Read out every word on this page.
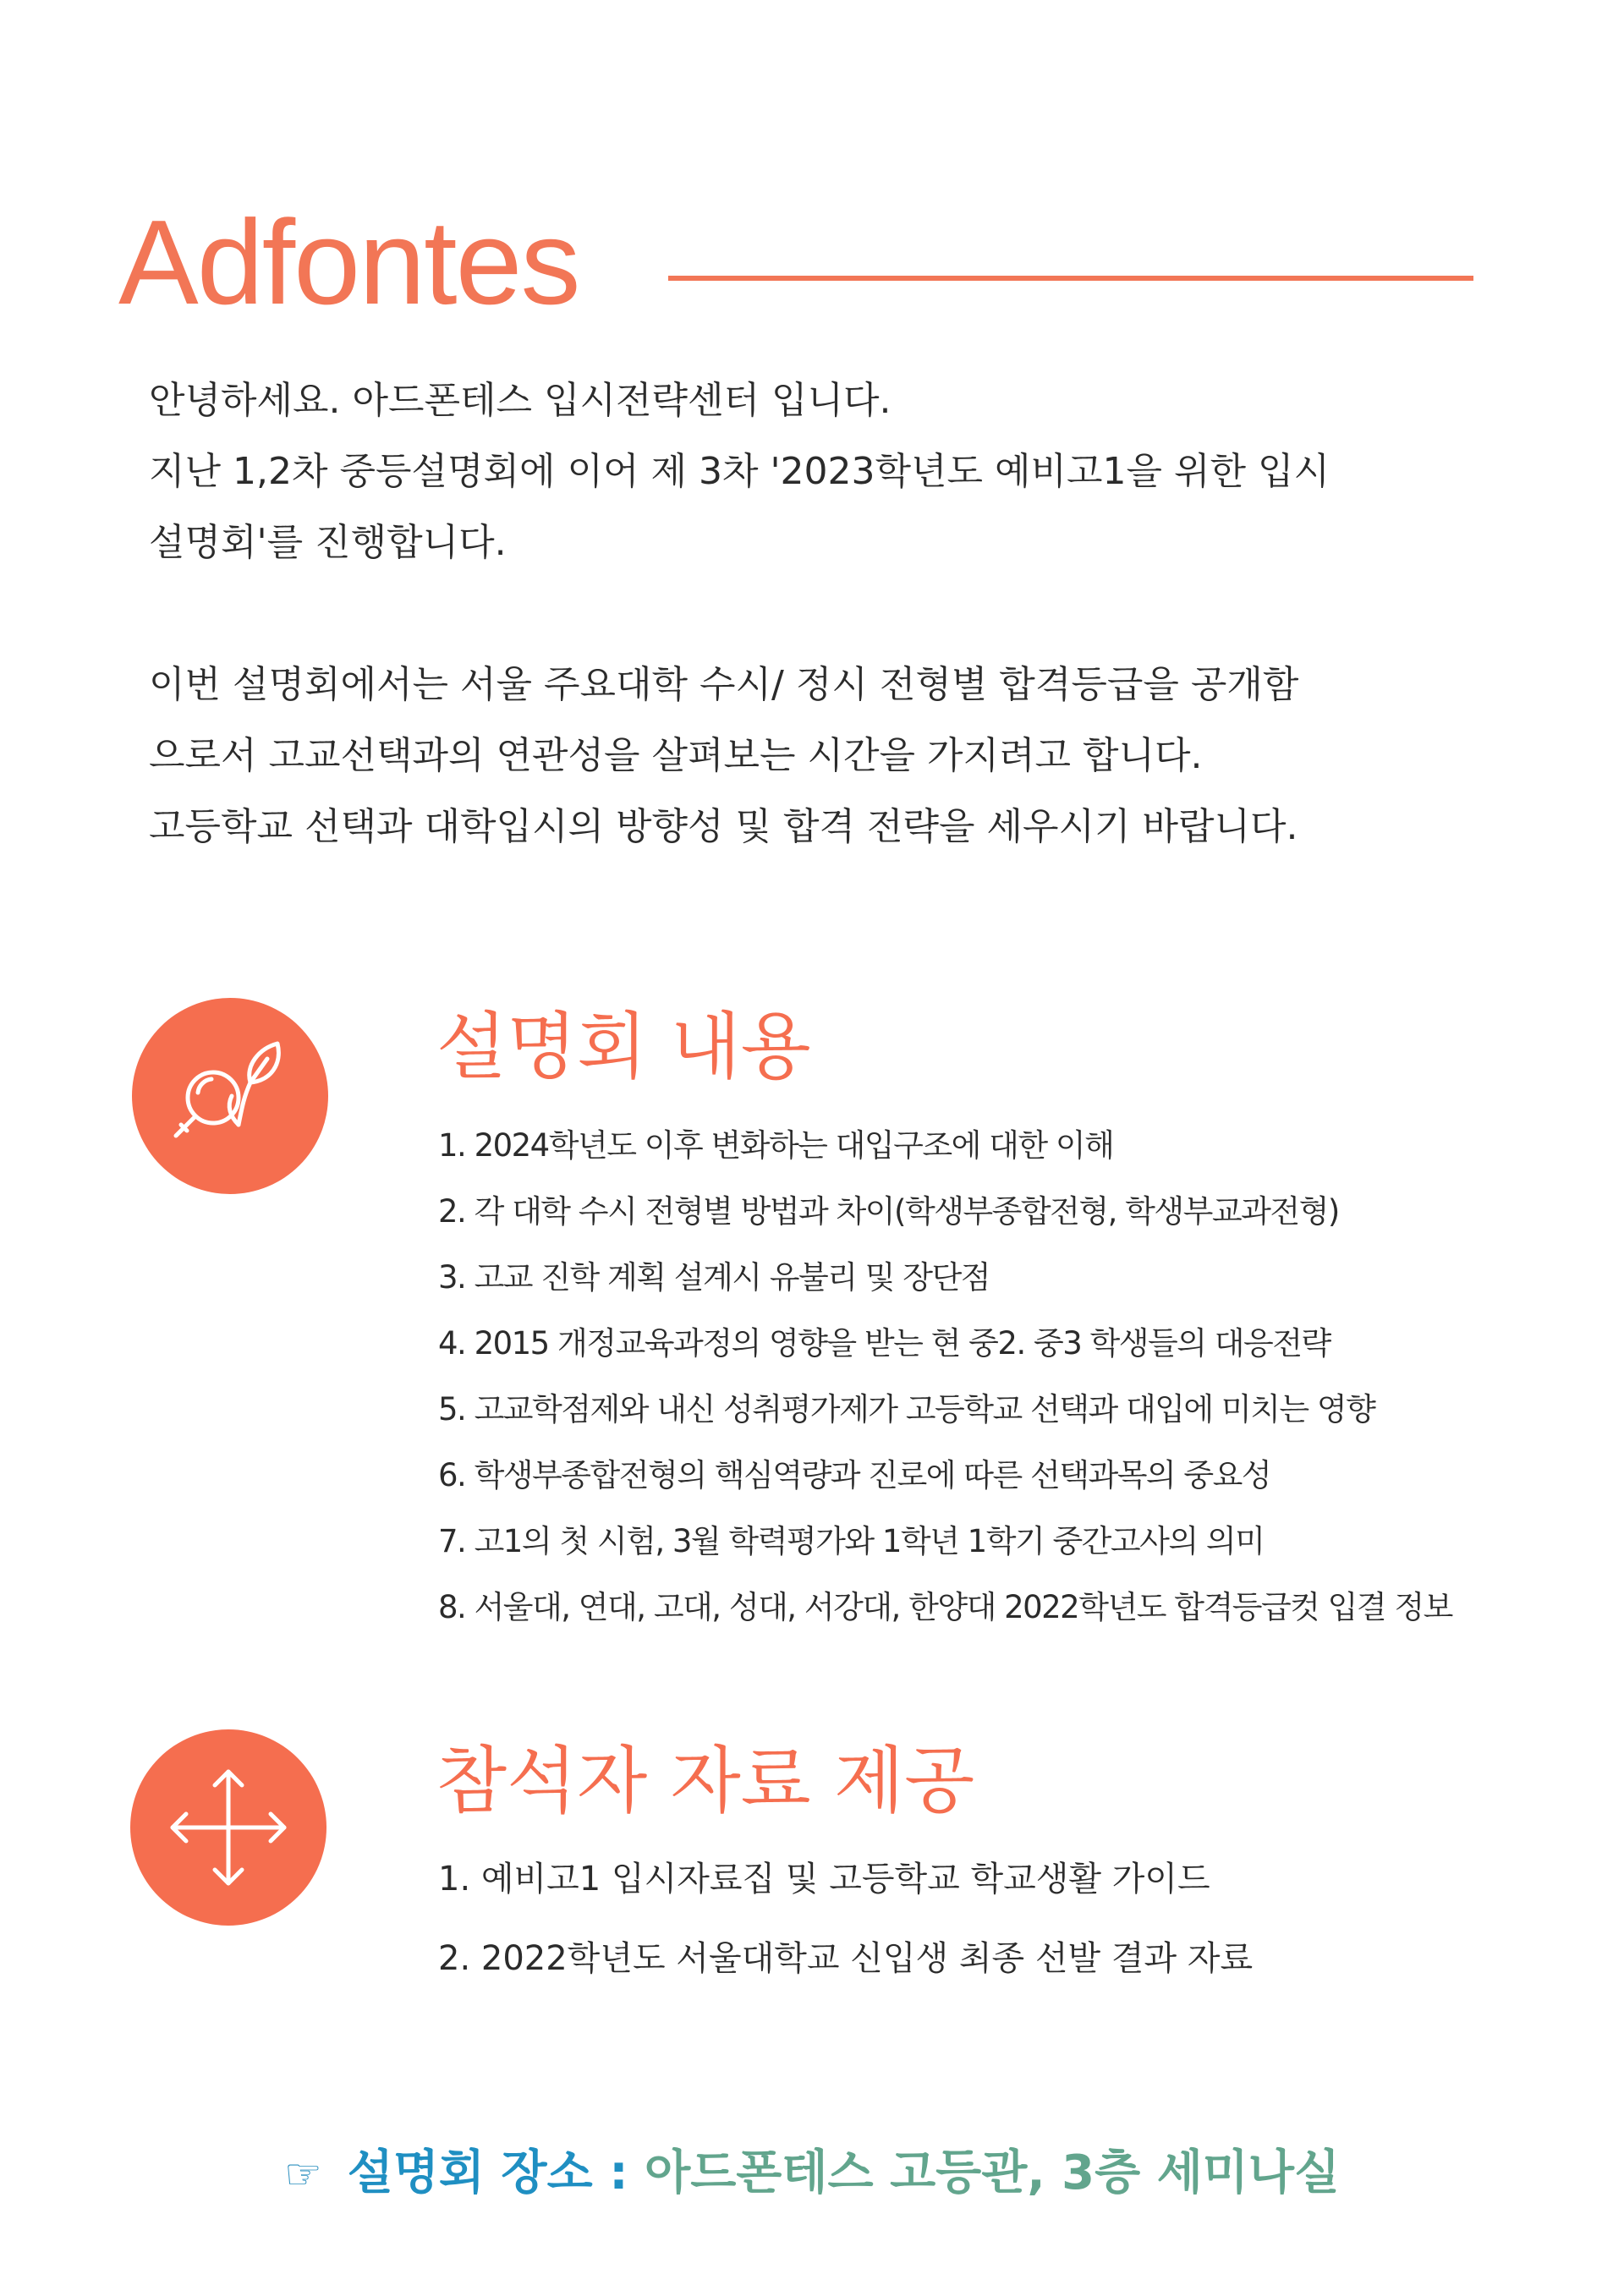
Adfontes

안녕하세요. 아드폰테스 입시전략센터 입니다.

지난 1,2차 중등설명회에 이어 제 3차 '2023학년도 예비고1을 위한 입시

설명회'를 진행합니다.

이번 설명회에서는 서울 주요대학 수시/ 정시 전형별 합격등급을 공개함

으로서 고교선택과의 연관성을 살펴보는 시간을 가지려고 합니다.

고등학교 선택과 대학입시의 방향성 및 합격 전략을 세우시기 바랍니다.

설명회 내용
1. 2024학년도 이후 변화하는 대입구조에 대한 이해
2. 각 대학 수시 전형별 방법과 차이(학생부종합전형, 학생부교과전형)
3. 고교 진학 계획 설계시 유불리 및 장단점
4. 2015 개정교육과정의 영향을 받는 현 중2. 중3 학생들의 대응전략
5. 고교학점제와 내신 성취평가제가 고등학교 선택과 대입에 미치는 영향
6. 학생부종합전형의 핵심역량과 진로에 따른 선택과목의 중요성
7. 고1의 첫 시험, 3월 학력평가와 1학년 1학기 중간고사의 의미
8. 서울대, 연대, 고대, 성대, 서강대, 한양대 2022학년도 합격등급컷 입결 정보
참석자 자료 제공
1. 예비고1 입시자료집 및 고등학교 학교생활 가이드
2. 2022학년도 서울대학교 신입생 최종 선발 결과 자료
☞ 설명회 장소 : 아드폰테스 고등관, 3층 세미나실
